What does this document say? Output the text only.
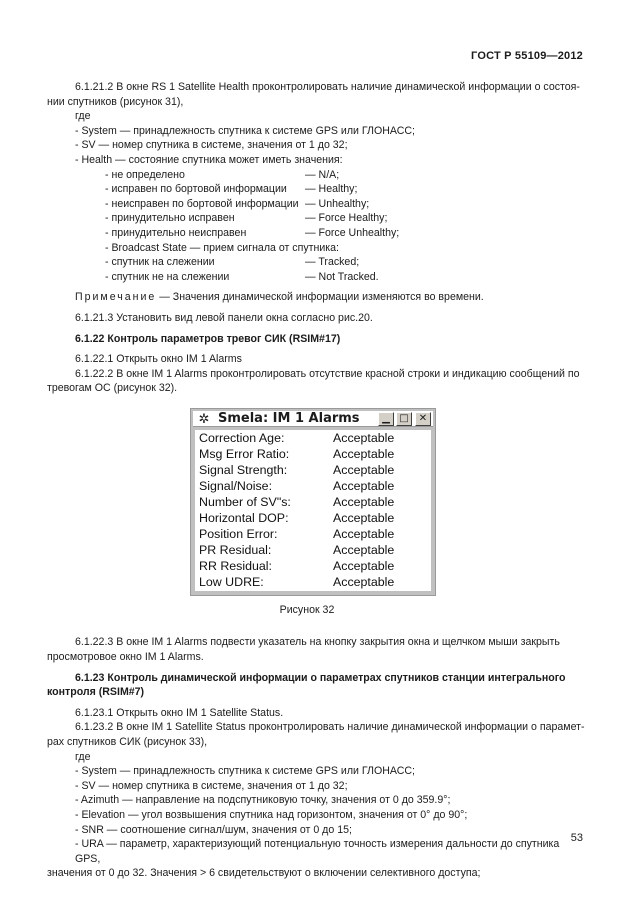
ГОСТ Р 55109—2012

6.1.21.2 В окне RS 1 Satellite Health проконтролировать наличие динамической информации о состоя-

нии спутников (рисунок 31),

где

- System — принадлежность спутника к системе GPS или ГЛОНАСС;

- SV — номер спутника в системе, значения от 1 до 32;

- Health — состояние спутника может иметь значения:

- не определено	— N/A;

- исправен по бортовой информации — Healthy;

- неисправен по бортовой информации — Unhealthy;

- принудительно исправен	— Force Healthy;

- принудительно неисправен	— Force Unhealthy;

- Broadcast State — прием сигнала от спутника:

- спутник на слежении	— Tracked;

- спутник не на слежении	— Not Tracked.

Примечание — Значения динамической информации изменяются во времени.

6.1.21.3 Установить вид левой панели окна согласно рис.20.

6.1.22 Контроль параметров тревог СИК (RSIM#17)

6.1.22.1 Открыть окно IM 1 Alarms

6.1.22.2 В окне IM 1 Alarms проконтролировать отсутствие красной строки и индикацию сообщений по

тревогам ОС (рисунок 32).

✲ Smela: IM 1 Alarms	▁ □	✕
Correction Age:	Acceptable
Msg Error Ratio:	Acceptable
Signal Strength:	Acceptable
Signal/Noise:	Acceptable
Number of SV"s:	Acceptable
Horizontal DOP:	Acceptable
Position Error:	Acceptable
PR Residual:	Acceptable
RR Residual:	Acceptable
Low UDRE:	Acceptable

Рисунок 32

6.1.22.3 В окне IM 1 Alarms подвести указатель на кнопку закрытия окна и щелчком мыши закрыть

просмотровое окно IM 1 Alarms.

6.1.23 Контроль динамической информации о параметрах спутников станции интегрального

контроля (RSIM#7)

6.1.23.1 Открыть окно IM 1 Satellite Status.

6.1.23.2 В окне IM 1 Satellite Status проконтролировать наличие динамической информации о парамет-

рах спутников СИК (рисунок 33),

где

- System — принадлежность спутника к системе GPS или ГЛОНАСС;

- SV — номер спутника в системе, значения от 1 до 32;

- Azimuth — направление на подспутниковую точку, значения от 0 до 359.9°;

- Elevation — угол возвышения спутника над горизонтом, значения от 0° до 90°;

- SNR — соотношение сигнал/шум, значения от 0 до 15;

- URA — параметр, характеризующий потенциальную точность измерения дальности до спутника GPS,

значения от 0 до 32. Значения > 6 свидетельствуют о включении селективного доступа;

53
